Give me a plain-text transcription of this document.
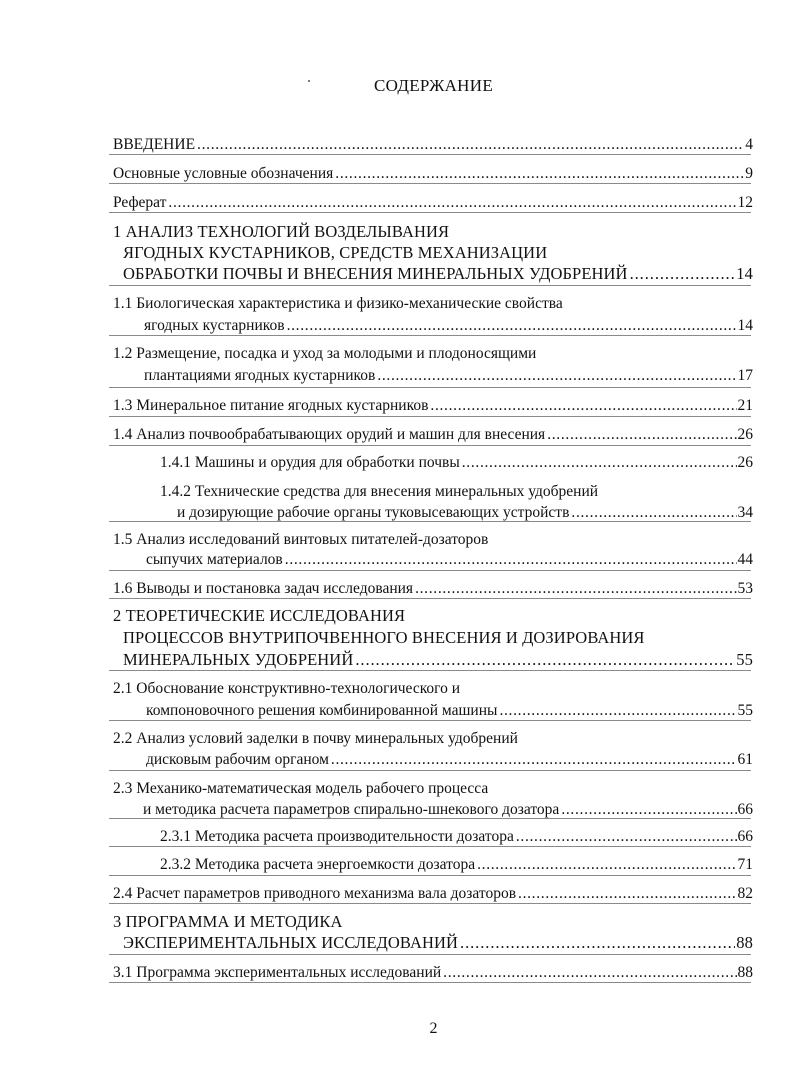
СОДЕРЖАНИЕ
ВВЕДЕНИЕ . . .	4
Основные условные обозначения . . .	9
Реферат . . .	12
1 АНАЛИЗ ТЕХНОЛОГИЙ ВОЗДЕЛЫВАНИЯ
ЯГОДНЫХ КУСТАРНИКОВ, СРЕДСТВ МЕХАНИЗАЦИИ
ОБРАБОТКИ ПОЧВЫ И ВНЕСЕНИЯ МИНЕРАЛЬНЫХ УДОБРЕНИЙ . . .	14
1.1 Биологическая характеристика и физико-механические свойства
ягодных кустарников . . .	14
1.2 Размещение, посадка и уход за молодыми и плодоносящими
плантациями ягодных кустарников . . .	17
1.3 Минеральное питание ягодных кустарников . . .	21
1.4 Анализ почвообрабатывающих орудий и машин для внесения . . .	26
1.4.1 Машины и орудия для обработки почвы . . .	26
1.4.2 Технические средства для внесения минеральных удобрений
и дозирующие рабочие органы туковысевающих устройств . . .	34
1.5 Анализ исследований винтовых питателей-дозаторов
сыпучих материалов . . .	44
1.6 Выводы и постановка задач исследования . . .	53
2 ТЕОРЕТИЧЕСКИЕ ИССЛЕДОВАНИЯ
ПРОЦЕССОВ ВНУТРИПОЧВЕННОГО ВНЕСЕНИЯ И ДОЗИРОВАНИЯ
МИНЕРАЛЬНЫХ УДОБРЕНИЙ . . .	55
2.1 Обоснование конструктивно-технологического и
компоновочного решения комбинированной машины . . .	55
2.2 Анализ условий заделки в почву минеральных удобрений
дисковым рабочим органом . . .	61
2.3 Механико-математическая модель рабочего процесса
и методика расчета параметров спирально-шнекового дозатора . . .	66
2.3.1 Методика расчета производительности дозатора . . .	66
2.3.2 Методика расчета энергоемкости дозатора . . .	71
2.4 Расчет параметров приводного механизма вала дозаторов . . .	82
3 ПРОГРАММА И МЕТОДИКА
ЭКСПЕРИМЕНТАЛЬНЫХ ИССЛЕДОВАНИЙ . . .	88
3.1 Программа экспериментальных исследований . . .	88
2
